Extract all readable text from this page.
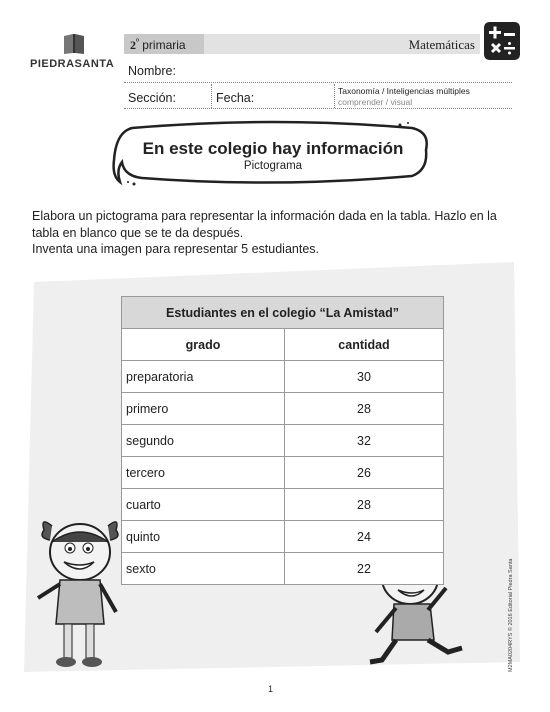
PIEDRASANTA
$2^º$ primaria	Matemáticas
Nombre:
Sección:	Fecha:	Taxonomía / Inteligencias múltiples
comprender / visual
En este colegio hay información
Pictograma
Elabora un pictograma para representar la información dada en la tabla. Hazlo en la
tabla en blanco que se te da después.
Inventa una imagen para representar 5 estudiantes.
Estudiantes en el colegio “La Amistad”	
grado	cantidad
preparatoria	30
primero	28
segundo	32
tercero	26
cuarto	28
quinto	24
sexto	22
1
M2MA0204RYS © 2016 Editorial Piedra Santa
